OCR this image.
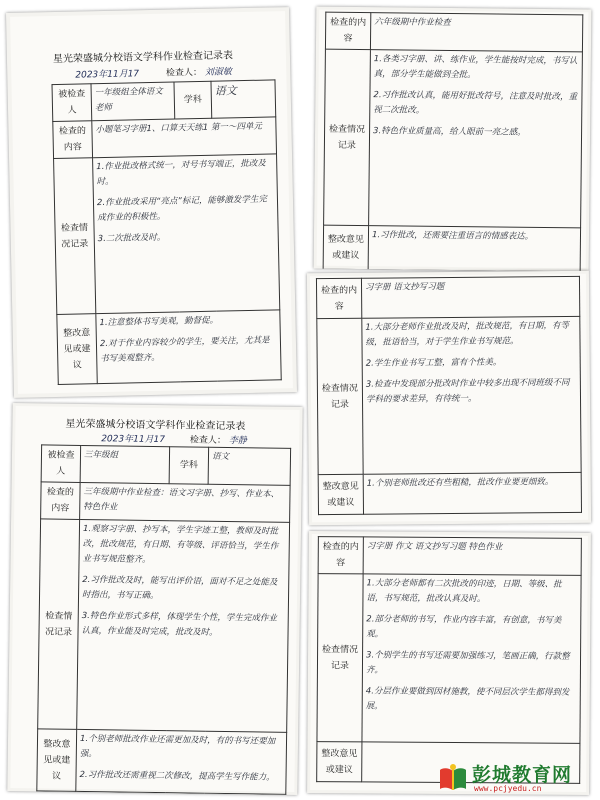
星光荣盛城分校语文学科作业检查记录表
2023年11月17	检查人： 刘淑敏
被检查人	一年级组全体语文老师	学科	语文
检查的内容	小题笔习字册1、口算天天练1 第一～四单元		
检查情况记录	1.作业批改格式统一，对号书写端正，批改及时。
2.作业批改采用“亮点”标记，能够激发学生完成作业的积极性。
3.二次批改及时。		

整改意见或建议	1.注意整体书写美观，勤督促。
2.对于作业内容较少的学生，要关注，尤其是书写美观整齐。		
检查的内容	六年级期中作业检查
检查情况记录	1.各类习字册、讲、练作业，学生能按时完成，书写认真，部分学生能做到全批。
2.习作批改认真，能用好批改符号，注意及时批改，重视二次批改。
3.特色作业质量高，给人眼前一亮之感。

整改意见或建议	1.习作批改，还需要注重语言的情感表达。
检查的内容	习字册 语文抄写习题
检查情况记录	1.大部分老师作业批改及时，批改规范，有日期，有等级，批语恰当，对于学生作业书写规范。
2.学生作业书写工整，富有个性美。
3.检查中发现部分批改时作业中较多出现不同班级不同学科的要求差异，有待统一。

整改意见或建议	1.个别老师批改还有些粗糙，批改作业要更细致。
星光荣盛城分校语文学科作业检查记录表
2023年11月17	检查人： 李静
被检查人	三年级组	学科	语文
检查的内容	三年级期中作业检查：语文习字册、抄写、作业本、特色作业		
检查情况记录	1.观察习字册、抄写本，学生字迹工整，教师及时批改，批改规范，有日期、有等级、评语恰当，学生作业书写规范整齐。
2.习作批改及时，能写出评价语，面对不足之处能及时指出，书写正确。
3.特色作业形式多样，体现学生个性，学生完成作业认真，作业能及时完成，批改及时。		

整改意见或建议	1.个别老师批改作业还需更加及时，有的书写还要加强。
2.习作批改还需重视二次修改，提高学生写作能力。		
检查的内容	习字册 作文 语文抄写习题 特色作业
检查情况记录	1.大部分老师都有二次批改的印迹，日期、等级、批语，书写规范，批改认真及时。
2.部分老师的书写，作业内容丰富，有创意，书写美观。
3.个别学生的书写还需要加强练习，笔画正确，行款整齐。
4.分层作业要做到因材施教，使不同层次学生都得到发展。

整改意见或建议		彭城教育网
www.pcjyedu.cn
